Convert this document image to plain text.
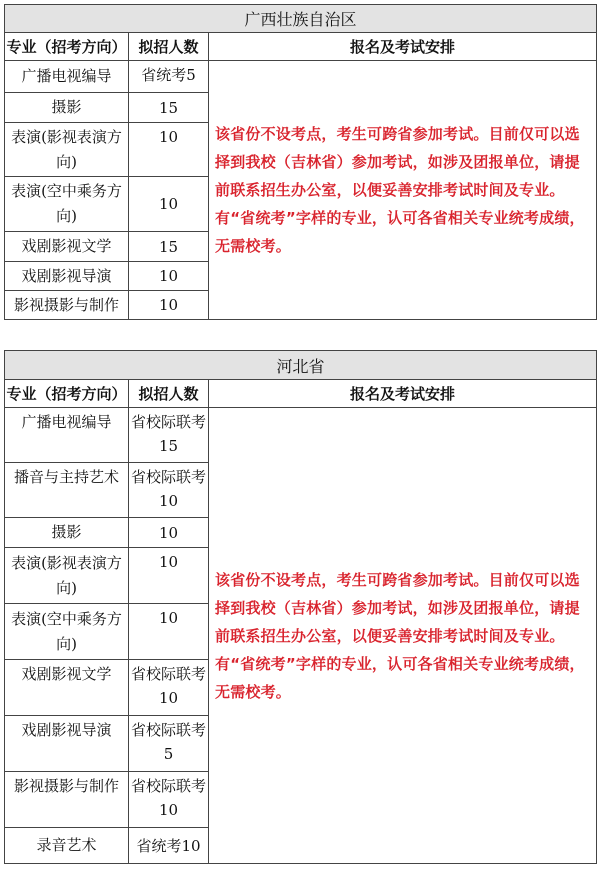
广西壮族自治区		
专业（招考方向）	拟招人数	报名及考试安排
广播电视编导	省统考5	该省份不设考点，考生可跨省参加考试。目前仅可以选择到我校（吉林省）参加考试，如涉及团报单位，请提前联系招生办公室，以便妥善安排考试时间及专业。有“省统考”字样的专业，认可各省相关专业统考成绩，无需校考。
摄影	15	
表演(影视表演方向)	10	
表演(空中乘务方向)	10	
戏剧影视文学	15	
戏剧影视导演	10	
影视摄影与制作	10	
河北省		
专业（招考方向）	拟招人数	报名及考试安排
广播电视编导	省校际联考15	该省份不设考点，考生可跨省参加考试。目前仅可以选择到我校（吉林省）参加考试，如涉及团报单位，请提前联系招生办公室，以便妥善安排考试时间及专业。有“省统考”字样的专业，认可各省相关专业统考成绩，无需校考。
播音与主持艺术	省校际联考10	
摄影	10	
表演(影视表演方向)	10	
表演(空中乘务方向)	10	
戏剧影视文学	省校际联考10	
戏剧影视导演	省校际联考5	
影视摄影与制作	省校际联考10	
录音艺术	省统考10	
